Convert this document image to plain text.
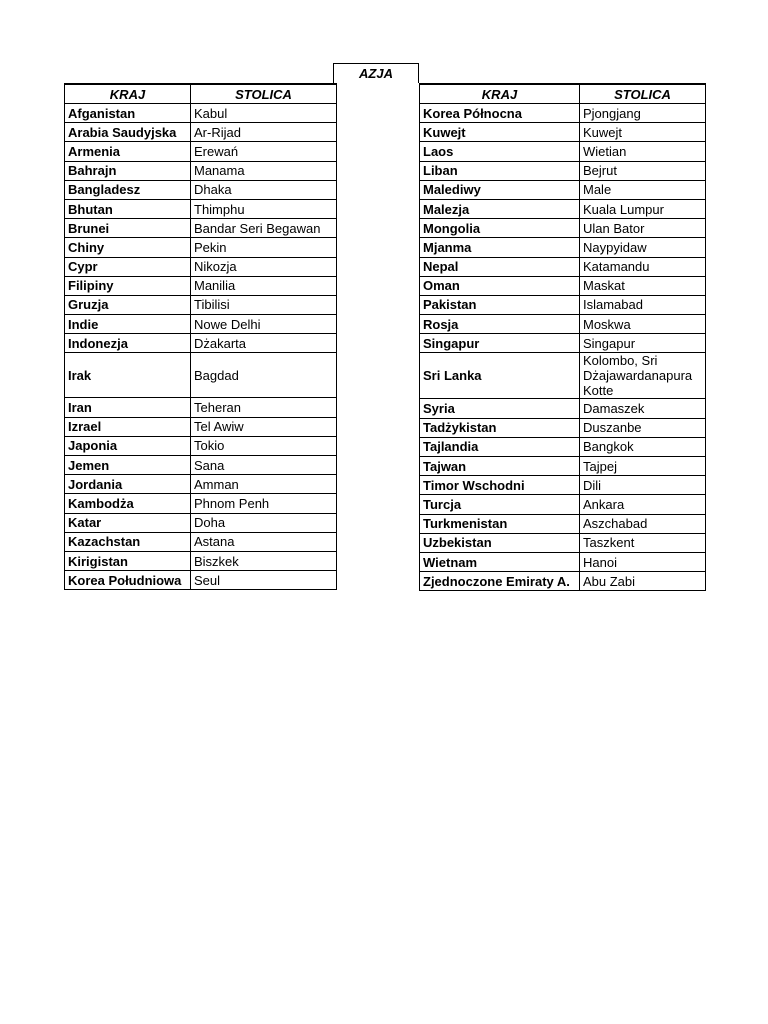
AZJA
KRAJ	STOLICA
Afganistan	Kabul
Arabia Saudyjska	Ar-Rijad
Armenia	Erewań
Bahrajn	Manama
Bangladesz	Dhaka
Bhutan	Thimphu
Brunei	Bandar Seri Begawan
Chiny	Pekin
Cypr	Nikozja
Filipiny	Manilia
Gruzja	Tibilisi
Indie	Nowe Delhi
Indonezja	Dżakarta
Irak	Bagdad
Iran	Teheran
Izrael	Tel Awiw
Japonia	Tokio
Jemen	Sana
Jordania	Amman
Kambodża	Phnom Penh
Katar	Doha
Kazachstan	Astana
Kirigistan	Biszkek
Korea Południowa	Seul
KRAJ	STOLICA
Korea Północna	Pjongjang
Kuwejt	Kuwejt
Laos	Wietian
Liban	Bejrut
Malediwy	Male
Malezja	Kuala Lumpur
Mongolia	Ulan Bator
Mjanma	Naypyidaw
Nepal	Katamandu
Oman	Maskat
Pakistan	Islamabad
Rosja	Moskwa
Singapur	Singapur
Sri Lanka	Kolombo, Sri Dżajawardanapura Kotte
Syria	Damaszek
Tadżykistan	Duszanbe
Tajlandia	Bangkok
Tajwan	Tajpej
Timor Wschodni	Dili
Turcja	Ankara
Turkmenistan	Aszchabad
Uzbekistan	Taszkent
Wietnam	Hanoi
Zjednoczone Emiraty A.	Abu Zabi
